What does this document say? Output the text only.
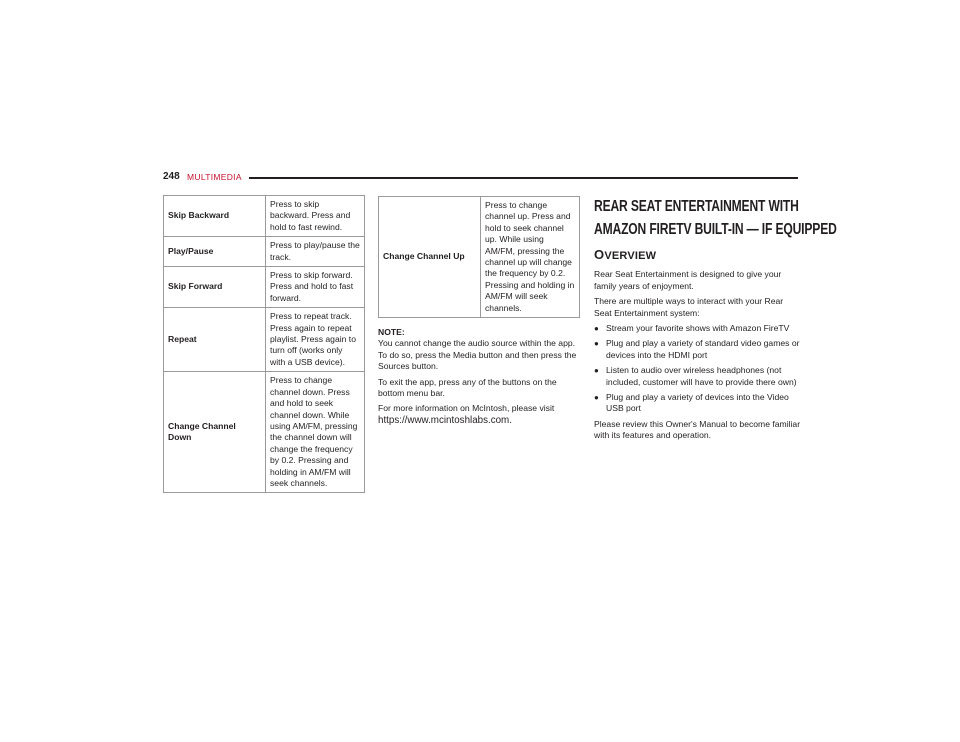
248 MULTIMEDIA
Skip Backward	Press to skip backward. Press and hold to fast rewind.
Play/Pause	Press to play/pause the track.
Skip Forward	Press to skip forward. Press and hold to fast forward.
Repeat	Press to repeat track. Press again to repeat playlist. Press again to turn off (works only with a USB device).
Change Channel Down	Press to change channel down. Press and hold to seek channel down. While using AM/FM, pressing the channel down will change the frequency by 0.2. Pressing and holding in AM/FM will seek channels.
Change Channel Up	Press to change channel up. Press and hold to seek channel up. While using AM/FM, pressing the channel up will change the frequency by 0.2. Pressing and holding in AM/FM will seek channels.
NOTE:

You cannot change the audio source within the app. To do so, press the Media button and then press the Sources button.

To exit the app, press any of the buttons on the bottom menu bar.

For more information on McIntosh, please visit
https://www.mcintoshlabs.com.

REAR SEAT ENTERTAINMENT WITH
AMAZON FIRETV BUILT-IN — IF EQUIPPED
OVERVIEW

Rear Seat Entertainment is designed to give your family years of enjoyment.

There are multiple ways to interact with your Rear Seat Entertainment system:

● Stream your favorite shows with Amazon FireTV
● Plug and play a variety of standard video games or devices into the HDMI port
● Listen to audio over wireless headphones (not included, customer will have to provide there own)
● Plug and play a variety of devices into the Video USB port

Please review this Owner's Manual to become familiar with its features and operation.
